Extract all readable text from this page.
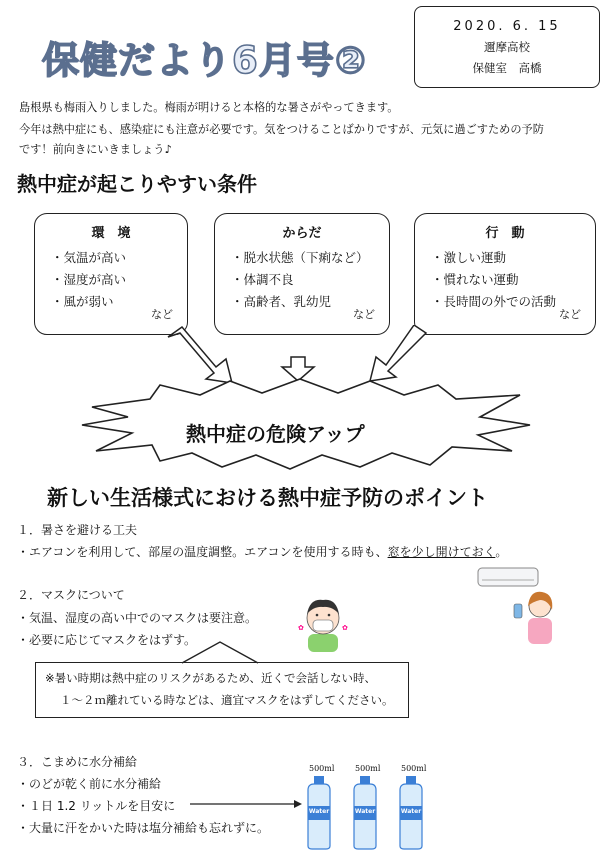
保健だより6月号②
2020. 6. 15
邇摩高校
保健室　高橋
島根県も梅雨入りしました。梅雨が明けると本格的な暑さがやってきます。
今年は熱中症にも、感染症にも注意が必要です。気をつけることばかりですが、元気に過ごすための予防
です！前向きにいきましょう♪
熱中症が起こりやすい条件
環　境
・気温が高い
・湿度が高い
・風が弱い
など
からだ
・脱水状態（下痢など）
・体調不良
・高齢者、乳幼児
など
行　動
・激しい運動
・慣れない運動
・長時間の外での活動
など
熱中症の危険アップ
新しい生活様式における熱中症予防のポイント
１．暑さを避ける工夫
・エアコンを利用して、部屋の温度調整。エアコンを使用する時も、窓を少し開けておく。
２．マスクについて
・気温、湿度の高い中でのマスクは要注意。
・必要に応じてマスクをはずす。
✿	✿
※暑い時期は熱中症のリスクがあるため、近くで会話しない時、
１～２ｍ離れている時などは、適宜マスクをはずしてください。
３．こまめに水分補給
・のどが乾く前に水分補給
・１日 1.2 リットルを目安に
・大量に汗をかいた時は塩分補給も忘れずに。
500ml	500ml	500ml
Water	Water	Water
